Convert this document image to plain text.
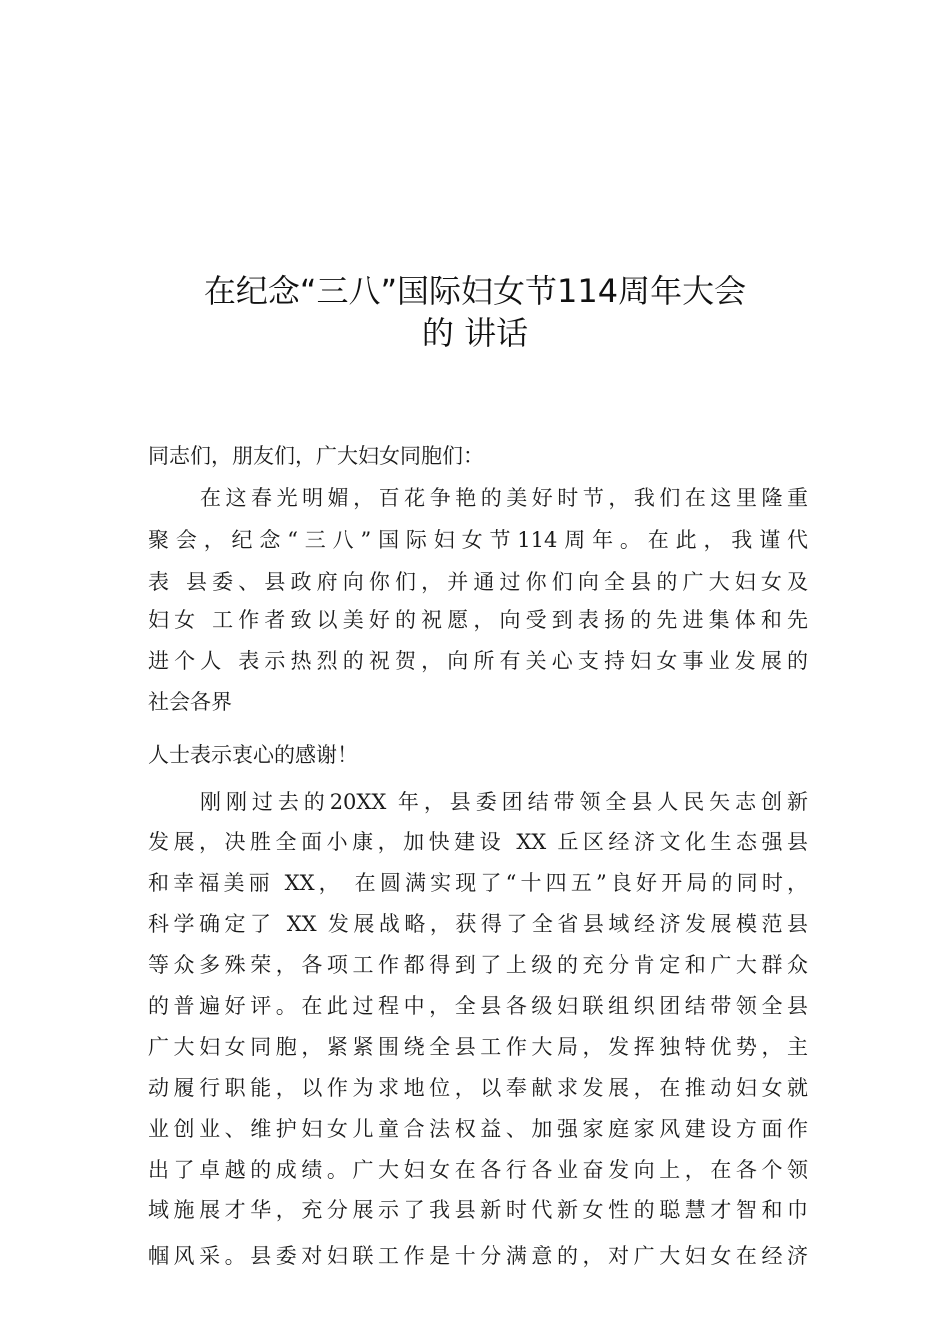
在纪念“三八”国际妇女节114周年大会
的 讲话
同志们，朋友们，广大妇女同胞们：
在这春光明媚，百花争艳的美好时节，我们在这里隆重
聚会，纪念“三八”国际妇女节114周年。在此，我谨代
表 县委、县政府向你们，并通过你们向全县的广大妇女及
妇女 工作者致以美好的祝愿，向受到表扬的先进集体和先
进个人 表示热烈的祝贺，向所有关心支持妇女事业发展的
社会各界
人士表示衷心的感谢！
刚刚过去的20XX 年，县委团结带领全县人民矢志创新
发展，决胜全面小康，加快建设 XX 丘区经济文化生态强县
和幸福美丽 XX， 在圆满实现了“十四五”良好开局的同时，
科学确定了 XX 发展战略，获得了全省县域经济发展模范县
等众多殊荣，各项工作都得到了上级的充分肯定和广大群众
的普遍好评。在此过程中，全县各级妇联组织团结带领全县
广大妇女同胞，紧紧围绕全县工作大局，发挥独特优势，主
动履行职能，以作为求地位，以奉献求发展，在推动妇女就
业创业、维护妇女儿童合法权益、加强家庭家风建设方面作
出了卓越的成绩。广大妇女在各行各业奋发向上，在各个领
域施展才华，充分展示了我县新时代新女性的聪慧才智和巾
帼风采。县委对妇联工作是十分满意的，对广大妇女在经济
